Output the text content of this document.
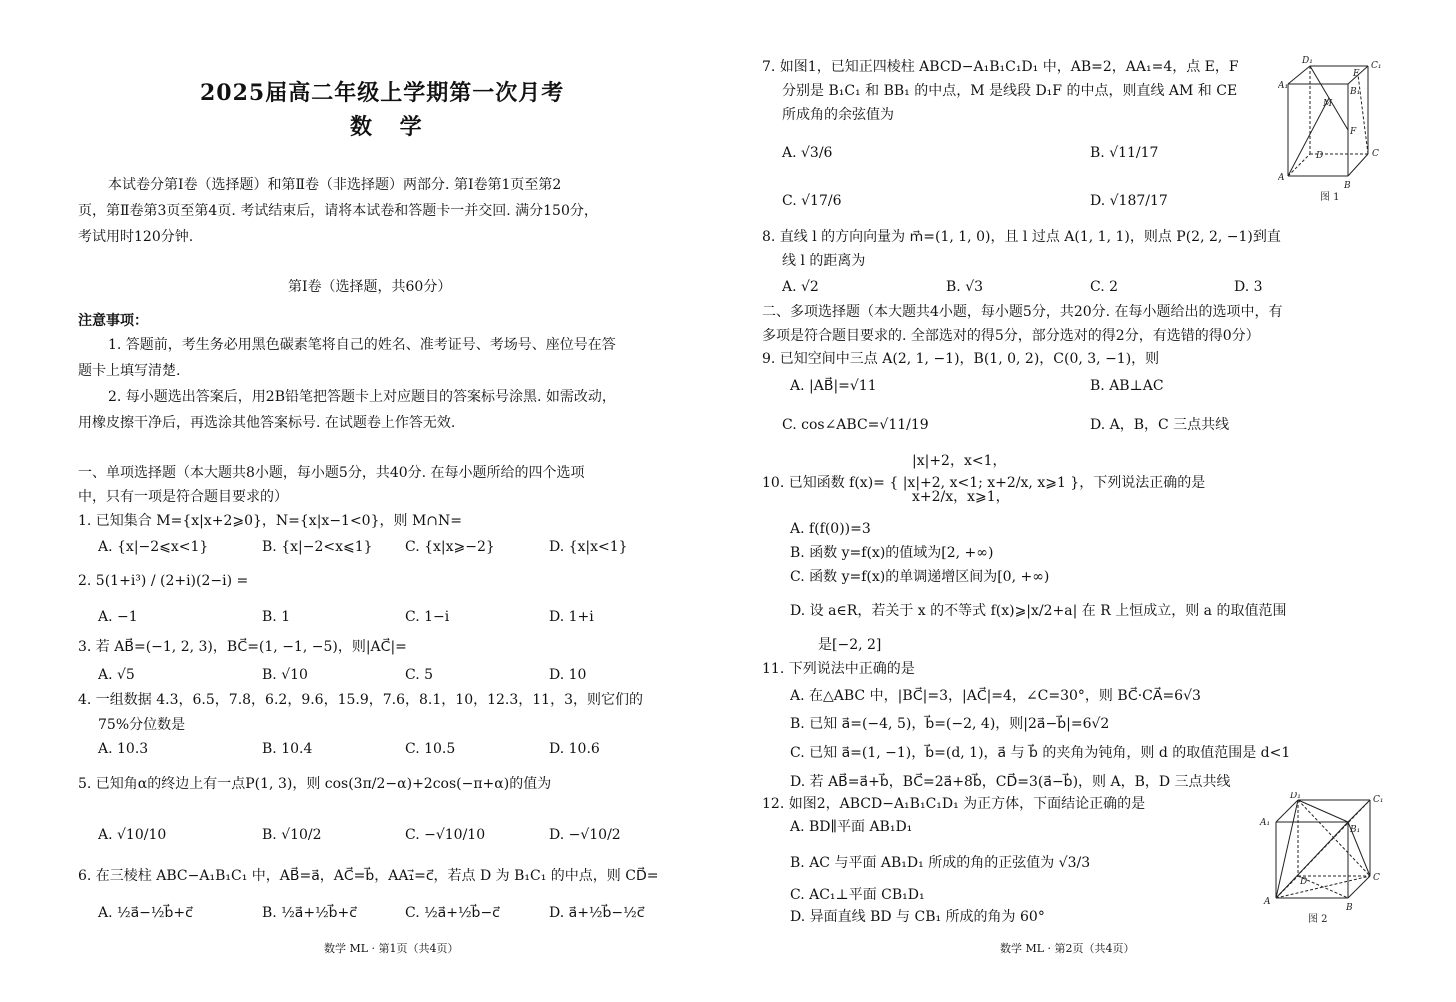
2025届高二年级上学期第一次月考
数 学
本试卷分第Ⅰ卷（选择题）和第Ⅱ卷（非选择题）两部分. 第Ⅰ卷第1页至第2
页，第Ⅱ卷第3页至第4页. 考试结束后，请将本试卷和答题卡一并交回. 满分150分，
考试用时120分钟.
第Ⅰ卷（选择题，共60分）
注意事项：
1. 答题前，考生务必用黑色碳素笔将自己的姓名、准考证号、考场号、座位号在答
题卡上填写清楚.
2. 每小题选出答案后，用2B铅笔把答题卡上对应题目的答案标号涂黑. 如需改动，
用橡皮擦干净后，再选涂其他答案标号. 在试题卷上作答无效.
一、单项选择题（本大题共8小题，每小题5分，共40分. 在每小题所给的四个选项
中，只有一项是符合题目要求的）
1. 已知集合 M={x|x+2⩾0}，N={x|x−1<0}，则 M∩N=
A. {x|−2⩽x<1}	B. {x|−2<x⩽1} C. {x|x⩾−2}	D. {x|x<1}
2. 5(1+i³) / (2+i)(2−i) =
A. −1	B. 1	C. 1−i	D. 1+i
3. 若 AB⃗=(−1, 2, 3)，BC⃗=(1, −1, −5)，则|AC⃗|=
A. √5	B. √10	C. 5	D. 10
4. 一组数据 4.3，6.5，7.8，6.2，9.6，15.9，7.6，8.1，10，12.3，11，3，则它们的
75%分位数是
A. 10.3	B. 10.4	C. 10.5	D. 10.6
5. 已知角α的终边上有一点P(1, 3)，则 cos(3π/2−α)+2cos(−π+α)的值为
A. √10/10	B. √10/2	C. −√10/10	D. −√10/2
6. 在三棱柱 ABC−A₁B₁C₁ 中，AB⃗=a⃗，AC⃗=b⃗，AA₁⃗=c⃗，若点 D 为 B₁C₁ 的中点，则 CD⃗=
A. ½a⃗−½b⃗+c⃗	B. ½a⃗+½b⃗+c⃗	C. ½a⃗+½b⃗−c⃗	D. a⃗+½b⃗−½c⃗
数学 ML · 第1页（共4页）
7. 如图1，已知正四棱柱 ABCD−A₁B₁C₁D₁ 中，AB=2，AA₁=4，点 E，F
分别是 B₁C₁ 和 BB₁ 的中点，M 是线段 D₁F 的中点，则直线 AM 和 CE
所成角的余弦值为
A. √3/6	B. √11/17
C. √17/6	D. √187/17
D₁	C₁
A₁
B₁
E
M
F
D	C
A
B
图 1
8. 直线 l 的方向向量为 m⃗=(1, 1, 0)，且 l 过点 A(1, 1, 1)，则点 P(2, 2, −1)到直
线 l 的距离为
A. √2	B. √3	C. 2	D. 3
二、多项选择题（本大题共4小题，每小题5分，共20分. 在每小题给出的选项中，有
多项是符合题目要求的. 全部选对的得5分，部分选对的得2分，有选错的得0分）
9. 已知空间中三点 A(2, 1, −1)，B(1, 0, 2)，C(0, 3, −1)，则
A. |AB⃗|=√11	B. AB⊥AC
C. cos∠ABC=√11/19	D. A，B，C 三点共线
|x|+2，x<1，
10. 已知函数 f(x)= { |x|+2, x<1; x+2/x, x⩾1 }，下列说法正确的是
x+2/x，x⩾1，
A. f(f(0))=3
B. 函数 y=f(x)的值域为[2, +∞)
C. 函数 y=f(x)的单调递增区间为[0, +∞)
D. 设 a∈R，若关于 x 的不等式 f(x)⩾|x/2+a| 在 R 上恒成立，则 a 的取值范围
是[−2, 2]
11. 下列说法中正确的是
A. 在△ABC 中，|BC⃗|=3，|AC⃗|=4，∠C=30°，则 BC⃗·CA⃗=6√3
B. 已知 a⃗=(−4, 5)，b⃗=(−2, 4)，则|2a⃗−b⃗|=6√2
C. 已知 a⃗=(1, −1)，b⃗=(d, 1)，a⃗ 与 b⃗ 的夹角为钝角，则 d 的取值范围是 d<1
D. 若 AB⃗=a⃗+b⃗，BC⃗=2a⃗+8b⃗，CD⃗=3(a⃗−b⃗)，则 A，B，D 三点共线
12. 如图2，ABCD−A₁B₁C₁D₁ 为正方体，下面结论正确的是
A. BD∥平面 AB₁D₁
B. AC 与平面 AB₁D₁ 所成的角的正弦值为 √3/3
C. AC₁⊥平面 CB₁D₁
D. 异面直线 BD 与 CB₁ 所成的角为 60°
D₁	C₁
A₁
B₁
D	C
A
B
图 2
数学 ML · 第2页（共4页）
